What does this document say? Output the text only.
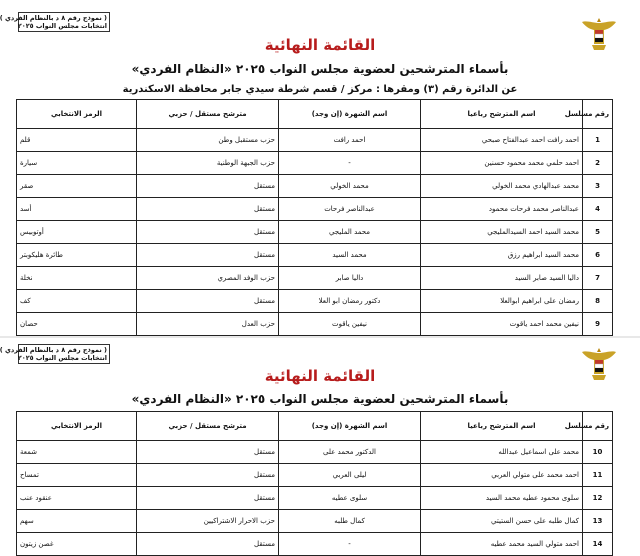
( نموذج رقم ٨ د بالنظام الفردي )
انتخابات مجلس النواب ٢٠٢٥
القائمة النهائية
بأسماء المترشحين لعضوية مجلس النواب ٢٠٢٥ «النظام الفردي»
عن الدائرة رقم (٣) ومقرها : مركز / قسم شرطة سيدي جابر محافظة الاسكندرية
رقم مسلسل	اسم المترشح رباعيا	اسم الشهرة (إن وجد)	مترشح مستقل / حزبي	الرمز الانتخابي
1	احمد رافت احمد عبدالفتاح صبحي	احمد رافت	حزب مستقبل وطن	قلم
2	احمد حلمي محمد محمود حسنين	-	حزب الجبهة الوطنية	سيارة
3	محمد عبدالهادي محمد الخولي	محمد الخولي	مستقل	صقر
4	عبدالناصر محمد فرحات محمود	عبدالناصر فرحات	مستقل	أسد
5	محمد السيد احمد السيدالمليجي	محمد المليجي	مستقل	أوتوبيس
6	محمد السيد ابراهيم رزق	محمد السيد	مستقل	طائرة هليكوبتر
7	داليا السيد صابر السيد	داليا صابر	حزب الوفد المصري	نخلة
8	رمضان على ابراهيم ابوالعلا	دكتور رمضان ابو العلا	مستقل	كف
9	نيفين محمد احمد ياقوت	نيفين ياقوت	حزب العدل	حصان
( نموذج رقم ٨ د بالنظام الفردي )
انتخابات مجلس النواب ٢٠٢٥
القائمة النهائية
بأسماء المترشحين لعضوية مجلس النواب ٢٠٢٥ «النظام الفردي»
رقم مسلسل	اسم المترشح رباعيا	اسم الشهرة (إن وجد)	مترشح مستقل / حزبي	الرمز الانتخابي
10	محمد على اسماعيل عبدالله	الدكتور محمد على	مستقل	شمعة
11	احمد محمد على متولي العربي	ليلى العربي	مستقل	تمساح
12	سلوى محمود عطيه محمد السيد	سلوى عطيه	مستقل	عنقود عنب
13	كمال طلبه على حسن الستيتي	كمال طلبه	حزب الاحرار الاشتراكيين	سهم
14	احمد متولي السيد محمد عطيه	-	مستقل	غصن زيتون
